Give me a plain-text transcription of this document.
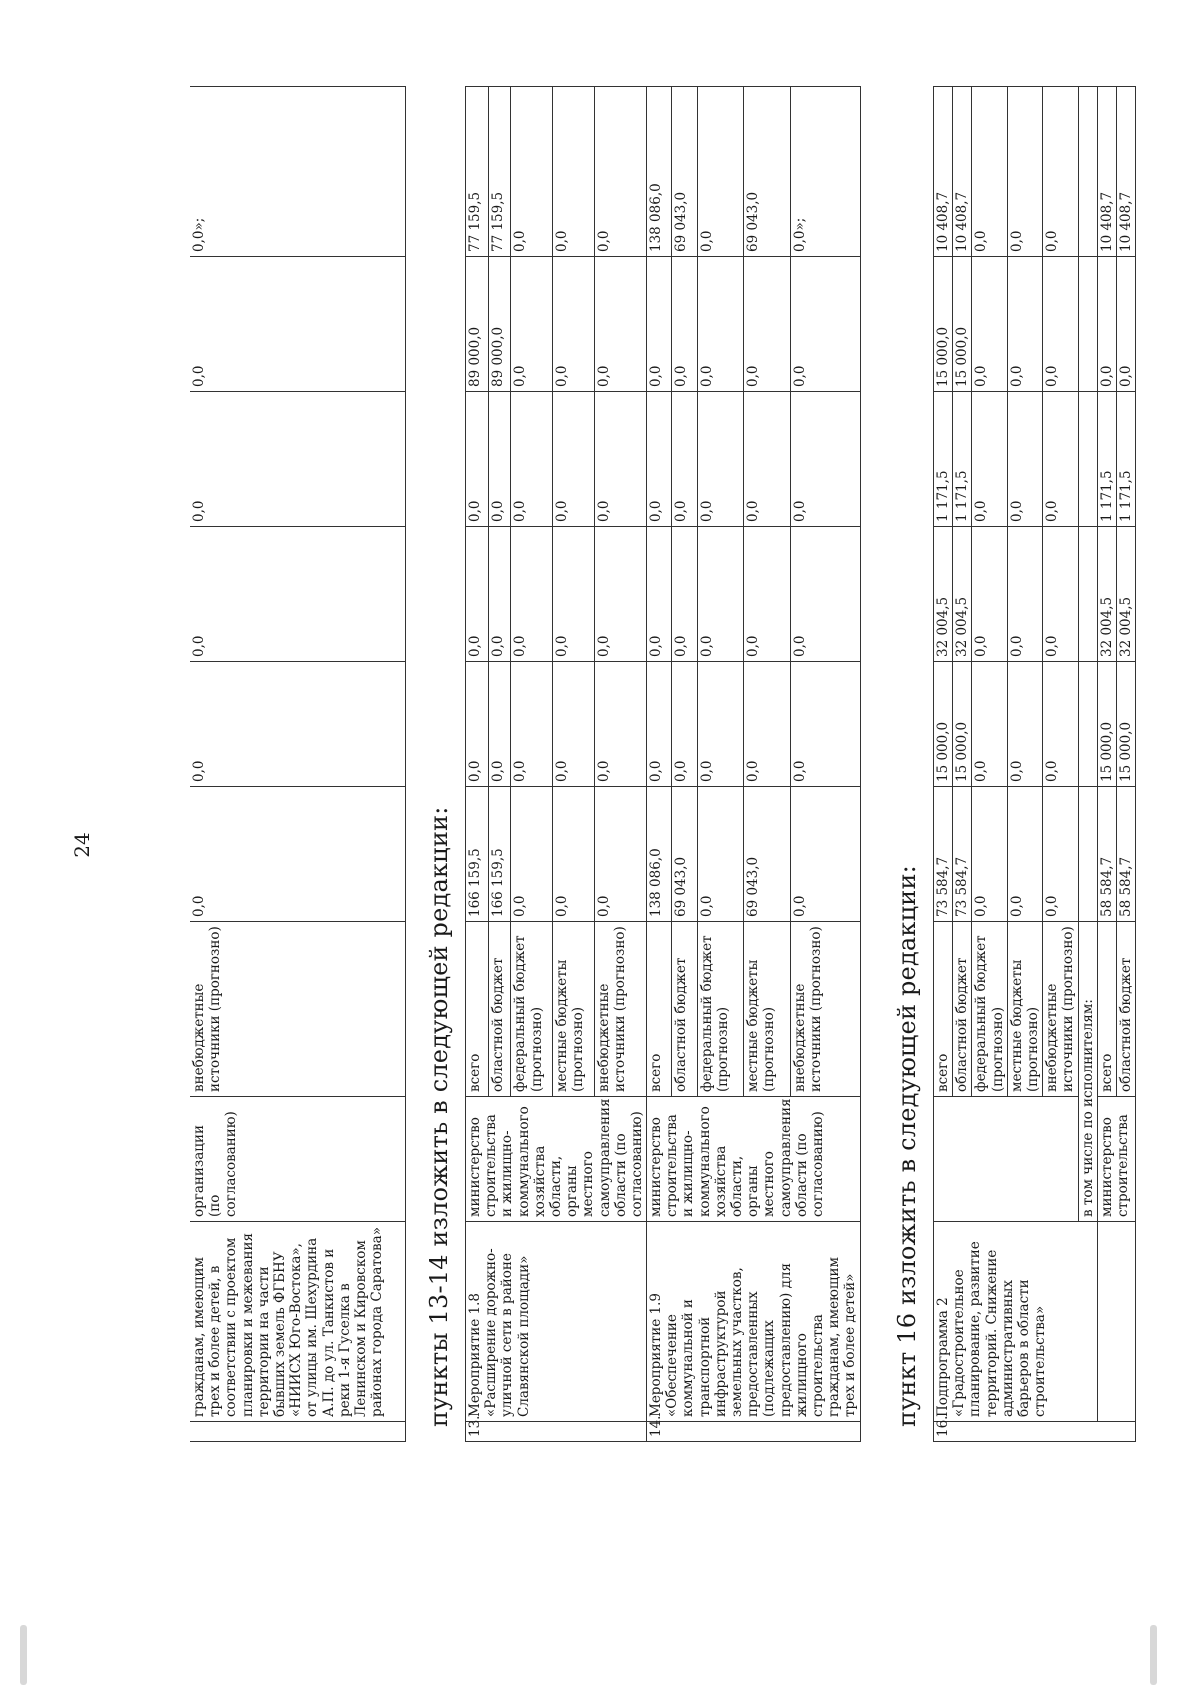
24
	гражданам, имеющим трех и более детей, в соответствии с проектом планировки и межевания территории на части бывших земель ФГБНУ «НИИСХ Юго-Востока», от улицы им. Шехурдина А.П. до ул. Танкистов и реки 1-я Гуселка в Ленинском и Кировском районах города Саратова»	организации (по согласованию)	внебюджетные источники (прогнозно)	0,0	0,0	0,0	0,0	0,0	0,0»;
пункты 13-14 изложить в следующей редакции: 13.	Мероприятие 1.8 «Расширение дорожно-уличной сети в районе Славянской площади»	министерство строительства и жилищно-коммунального хозяйства области, органы местного самоуправления области (по согласованию)	всего	166 159,5	0,0	0,0	0,0	89 000,0	77 159,5
			областной бюджет	166 159,5	0,0	0,0	0,0	89 000,0	77 159,5
			федеральный бюджет (прогнозно)	0,0	0,0	0,0	0,0	0,0	0,0
			местные бюджеты (прогнозно)	0,0	0,0	0,0	0,0	0,0	0,0
			внебюджетные источники (прогнозно)	0,0	0,0	0,0	0,0	0,0	0,0
14.	Мероприятие 1.9 «Обеспечение коммунальной и транспортной инфраструктурой земельных участков, предоставленных (подлежащих предоставлению) для жилищного строительства гражданам, имеющим трех и более детей»	министерство строительства и жилищно-коммунального хозяйства области, органы местного самоуправления области (по согласованию)	всего	138 086,0	0,0	0,0	0,0	0,0	138 086,0
			областной бюджет	69 043,0	0,0	0,0	0,0	0,0	69 043,0
			федеральный бюджет (прогнозно)	0,0	0,0	0,0	0,0	0,0	0,0
			местные бюджеты (прогнозно)	69 043,0	0,0	0,0	0,0	0,0	69 043,0
			внебюджетные источники (прогнозно)	0,0	0,0	0,0	0,0	0,0	0,0»;
пункт 16 изложить в следующей редакции: 16.	Подпрограмма 2 «Градостроительное планирование, развитие территорий. Снижение административных барьеров в области строительства»		всего	73 584,7	15 000,0	32 004,5	1 171,5	15 000,0	10 408,7
			областной бюджет	73 584,7	15 000,0	32 004,5	1 171,5	15 000,0	10 408,7
			федеральный бюджет (прогнозно)	0,0	0,0	0,0	0,0	0,0	0,0
			местные бюджеты (прогнозно)	0,0	0,0	0,0	0,0	0,0	0,0
			внебюджетные источники (прогнозно)	0,0	0,0	0,0	0,0	0,0	0,0
		в том числе по исполнителям:							
		министерство строительства	всего	58 584,7	15 000,0	32 004,5	1 171,5	0,0	10 408,7
			областной бюджет	58 584,7	15 000,0	32 004,5	1 171,5	0,0	10 408,7
